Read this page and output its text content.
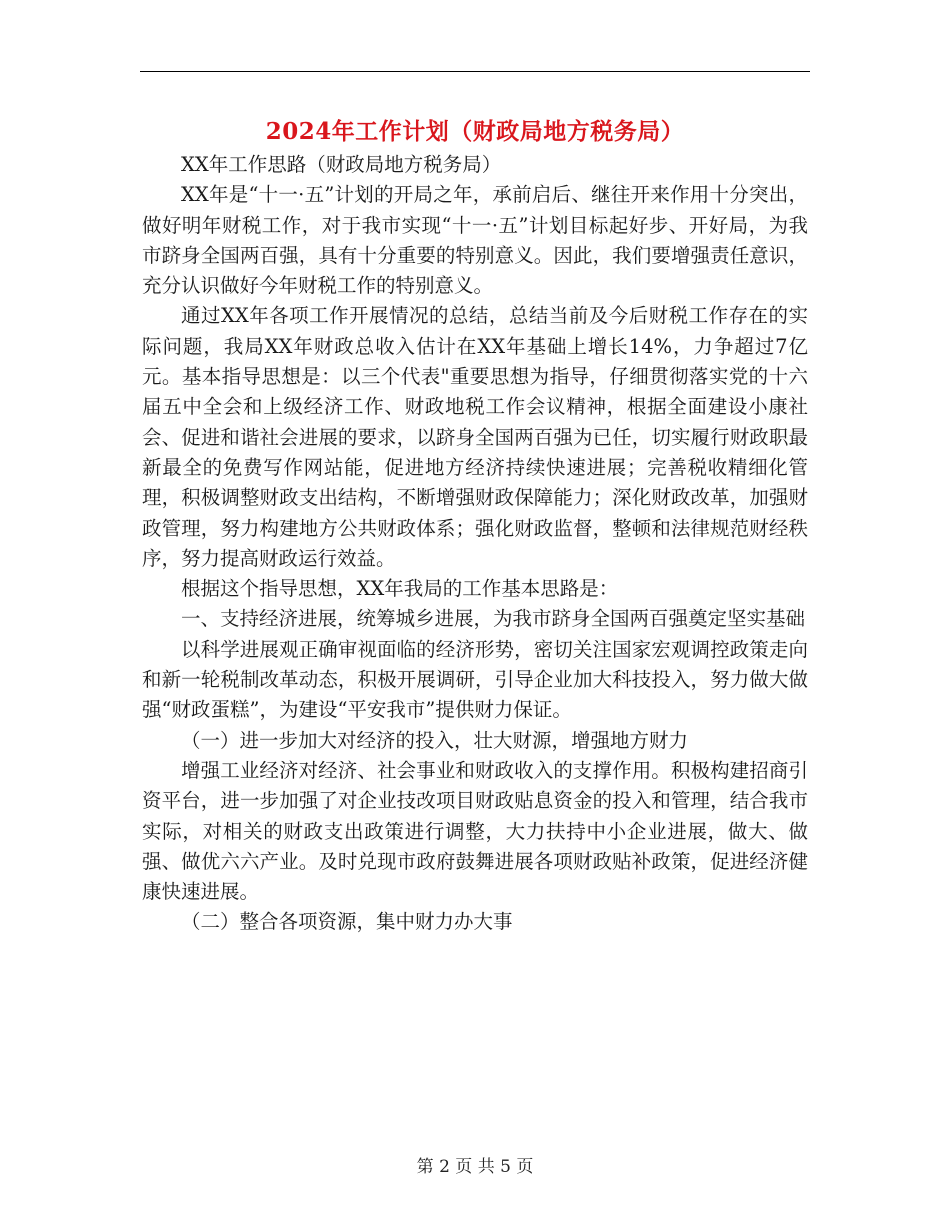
2024年工作计划（财政局地方税务局）

XX年工作思路（财政局地方税务局）

XX年是“十一·五”计划的开局之年，承前启后、继往开来作用十分突出，做好明年财税工作，对于我市实现“十一·五”计划目标起好步、开好局，为我市跻身全国两百强，具有十分重要的特别意义。因此，我们要增强责任意识，充分认识做好今年财税工作的特别意义。

通过XX年各项工作开展情况的总结，总结当前及今后财税工作存在的实际问题，我局XX年财政总收入估计在XX年基础上增长14%，力争超过7亿元。基本指导思想是：以三个代表"重要思想为指导，仔细贯彻落实党的十六届五中全会和上级经济工作、财政地税工作会议精神，根据全面建设小康社会、促进和谐社会进展的要求，以跻身全国两百强为已任，切实履行财政职最新最全的免费写作网站能，促进地方经济持续快速进展；完善税收精细化管理，积极调整财政支出结构，不断增强财政保障能力；深化财政改革，加强财政管理，努力构建地方公共财政体系；强化财政监督，整顿和法律规范财经秩序，努力提高财政运行效益。

根据这个指导思想，XX年我局的工作基本思路是：

一、支持经济进展，统筹城乡进展，为我市跻身全国两百强奠定坚实基础

以科学进展观正确审视面临的经济形势，密切关注国家宏观调控政策走向和新一轮税制改革动态，积极开展调研，引导企业加大科技投入，努力做大做强“财政蛋糕”，为建设“平安我市”提供财力保证。

（一）进一步加大对经济的投入，壮大财源，增强地方财力

增强工业经济对经济、社会事业和财政收入的支撑作用。积极构建招商引资平台，进一步加强了对企业技改项目财政贴息资金的投入和管理，结合我市实际，对相关的财政支出政策进行调整，大力扶持中小企业进展，做大、做强、做优六六产业。及时兑现市政府鼓舞进展各项财政贴补政策，促进经济健康快速进展。

（二）整合各项资源，集中财力办大事

第 2 页 共 5 页
